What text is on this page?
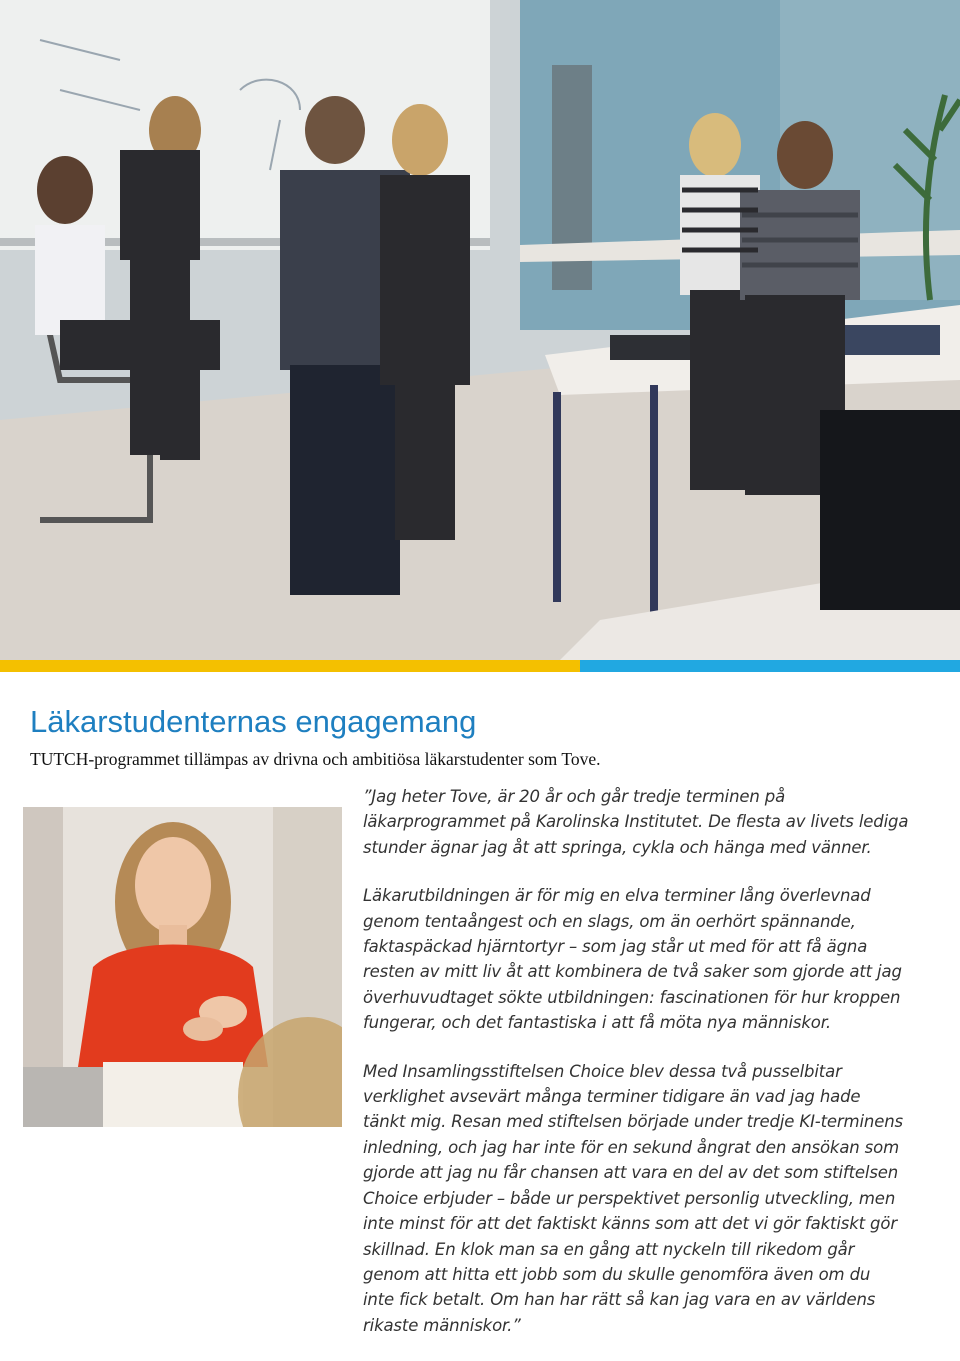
Läkarstudenternas engagemang

TUTCH-programmet tillämpas av drivna och ambitiösa läkarstudenter som Tove.

”Jag heter Tove, är 20 år och går tredje terminen på
läkarprogrammet på Karolinska Institutet. De flesta av livets lediga
stunder ägnar jag åt att springa, cykla och hänga med vänner.

Läkarutbildningen är för mig en elva terminer lång överlevnad
genom tentaångest och en slags, om än oerhört spännande,
faktaspäckad hjärntortyr – som jag står ut med för att få ägna
resten av mitt liv åt att kombinera de två saker som gjorde att jag
överhuvudtaget sökte utbildningen: fascinationen för hur kroppen
fungerar, och det fantastiska i att få möta nya människor.

Med Insamlingsstiftelsen Choice blev dessa två pusselbitar
verklighet avsevärt många terminer tidigare än vad jag hade
tänkt mig. Resan med stiftelsen började under tredje KI-terminens
inledning, och jag har inte för en sekund ångrat den ansökan som
gjorde att jag nu får chansen att vara en del av det som stiftelsen
Choice erbjuder – både ur perspektivet personlig utveckling, men
inte minst för att det faktiskt känns som att det vi gör faktiskt gör
skillnad. En klok man sa en gång att nyckeln till rikedom går
genom att hitta ett jobb som du skulle genomföra även om du
inte fick betalt. Om han har rätt så kan jag vara en av världens
rikaste människor.”
